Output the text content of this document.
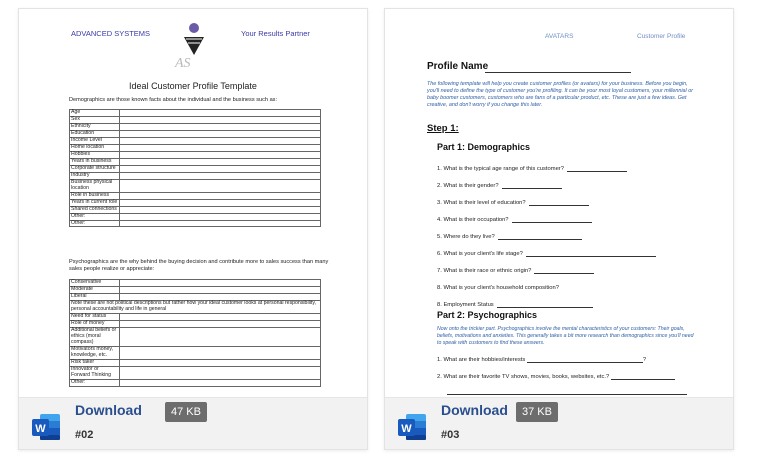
ADVANCED SYSTEMS
AS
Your Results Partner
Ideal Customer Profile Template
Demographics are those known facts about the individual and the business such as:
Age	
Sex	
Ethnicity	
Education	
Income Level	
Home location	
Hobbies	
Years in business	
Corporate structure	
Industry	
Business physical location	
Role in business	
Years in current role	
Shared connections	
Other:	
Other:	
Psychographics are the why behind the buying decision and contribute more to sales success than many sales people realize or appreciate:
Conservative	
Moderate	
Liberal	
Note these are not political descriptions but rather how your ideal customer looks at personal responsibility, personal accountability and life in general	
Need for status	
Role of money	
Additional beliefs or ethics (moral compass)	
Motivators money, knowledge, etc.	
Risk taker	
Innovator or Forward Thinking	
Other:	
W
Download	47 KB
#02
AVATARS	Customer Profile
Profile Name
The following template will help you create customer profiles (or avatars) for your business. Before you begin, you'll need to define the type of customer you're profiling. It can be your most loyal customers, your millennial or baby boomer customers, customers who are fans of a particular product, etc. These are just a few ideas. Get creative, and don't worry if you change this later.
Step 1:
Part 1: Demographics
1. What is the typical age range of this customer?
2. What is their gender?
3. What is their level of education?
4. What is their occupation?
5. Where do they live?
6. What is your client's life stage?
7. What is their race or ethnic origin?
8. What is your client's household composition?
8. Employment Status
Part 2: Psychographics
Now onto the trickier part. Psychographics involve the mental characteristics of your customers: Their goals, beliefs, motivations and anxieties. This generally takes a bit more research than demographics since you'll need to speak with customers to find these answers.
1. What are their hobbies/interests	?
2. What are their favorite TV shows, movies, books, websites, etc.?
W
Download	37 KB
#03
